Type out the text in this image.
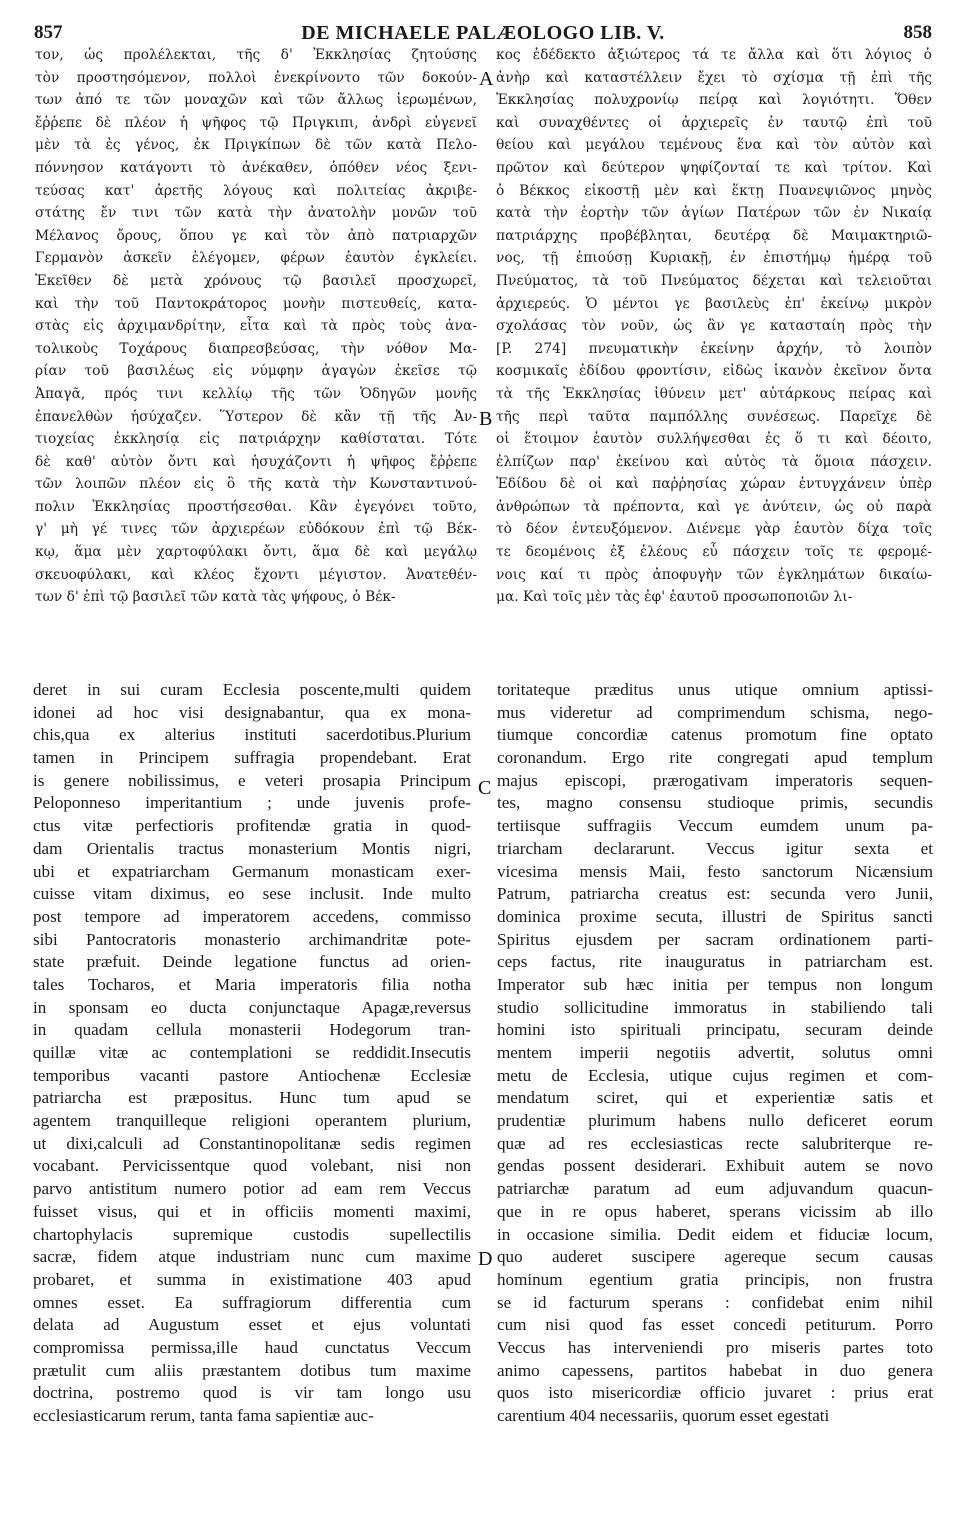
857	DE MICHAELE PALÆOLOGO LIB. V.	858
τον, ὡς προλέλεκται, τῆς δ' Ἐκκλησίας ζητούσης
τὸν προστησόμενον, πολλοὶ ἐνεκρίνοντο τῶν δοκούν-
των ἀπό τε τῶν μοναχῶν καὶ τῶν ἄλλως ἱερωμένων,
ἔῤῥεπε δὲ πλέον ἡ ψῆφος τῷ Πριγκιπι, ἀνδρὶ εὐγενεῖ
μὲν τὰ ἐς γένος, ἐκ Πριγκίπων δὲ τῶν κατὰ Πελο-
πόννησον κατάγοντι τὸ ἀνέκαθεν, ὁπόθεν νέος ξενι-
τεύσας κατ' ἀρετῆς λόγους καὶ πολιτείας ἀκριβε-
στάτης ἔν τινι τῶν κατὰ τὴν ἀνατολὴν μονῶν τοῦ
Μέλανος ὄρους, ὅπου γε καὶ τὸν ἀπὸ πατριαρχῶν
Γερμανὸν ἀσκεῖν ἐλέγομεν, φέρων ἑαυτὸν ἐγκλείει.
Ἐκεῖθεν δὲ μετὰ χρόνους τῷ βασιλεῖ προσχωρεῖ,
καὶ τὴν τοῦ Παντοκράτορος μονὴν πιστευθείς, κατα-
στὰς εἰς ἀρχιμανδρίτην, εἶτα καὶ τὰ πρὸς τοὺς ἀνα-
τολικοὺς Τοχάρους διαπρεσβεύσας, τὴν νόθον Μα-
ρίαν τοῦ βασιλέως εἰς νύμφην ἀγαγὼν ἐκεῖσε τῷ
Ἀπαγᾶ, πρός τινι κελλίῳ τῆς τῶν Ὁδηγῶν μονῆς
ἐπανελθὼν ἡσύχαζεν. Ὕστερον δὲ κἂν τῇ τῆς Ἀν-
τιοχείας ἐκκλησίᾳ εἰς πατριάρχην καθίσταται. Τότε
δὲ καθ' αὑτὸν ὄντι καὶ ἡσυχάζοντι ἡ ψῆφος ἔῤῥεπε
τῶν λοιπῶν πλέον εἰς ὃ τῆς κατὰ τὴν Κωνσταντινού-
πολιν Ἐκκλησίας προστήσεσθαι. Κἂν ἐγεγόνει τοῦτο,
γ' μὴ γέ τινες τῶν ἀρχιερέων εὐδόκουν ἐπὶ τῷ Βέκ-
κῳ, ἅμα μὲν χαρτοφύλακι ὄντι, ἅμα δὲ καὶ μεγάλῳ
σκευοφύλακι, καὶ κλέος ἔχοντι μέγιστον. Ἀνατεθέν-
των δ' ἐπὶ τῷ βασιλεῖ τῶν κατὰ τὰς ψήφους, ὁ Βέκ-
κος ἐδέδεκτο ἀξιώτερος τά τε ἄλλα καὶ ὅτι λόγιος ὁ
ἀνὴρ καὶ καταστέλλειν ἔχει τὸ σχίσμα τῇ ἐπὶ τῆς
Ἐκκλησίας πολυχρονίῳ πείρᾳ καὶ λογιότητι. Ὅθεν
καὶ συναχθέντες οἱ ἀρχιερεῖς ἐν ταυτῷ ἐπὶ τοῦ
θείου καὶ μεγάλου τεμένους ἕνα καὶ τὸν αὐτὸν καὶ
πρῶτον καὶ δεύτερον ψηφίζονταί τε καὶ τρίτον. Καὶ
ὁ Βέκκος εἰκοστῇ μὲν καὶ ἕκτῃ Πυανεψιῶνος μηνὸς
κατὰ τὴν ἑορτὴν τῶν ἁγίων Πατέρων τῶν ἐν Νικαίᾳ
πατριάρχης προβέβληται, δευτέρᾳ δὲ Μαιμακτηριῶ-
νος, τῇ ἐπιούσῃ Κυριακῇ, ἐν ἐπιστήμῳ ἡμέρᾳ τοῦ
Πνεύματος, τὰ τοῦ Πνεύματος δέχεται καὶ τελειοῦται
ἀρχιερεύς. Ὁ μέντοι γε βασιλεὺς ἐπ' ἐκείνῳ μικρὸν
σχολάσας τὸν νοῦν, ὡς ἂν γε κατασταίη πρὸς τὴν
[P. 274] πνευματικὴν ἐκείνην ἀρχήν, τὸ λοιπὸν
κοσμικαῖς ἐδίδου φροντίσιν, εἰδὼς ἱκανὸν ἐκεῖνον ὄντα
τὰ τῆς Ἐκκλησίας ἰθύνειν μετ' αὐτάρκους πείρας καὶ
τῆς περὶ ταῦτα παμπόλλης συνέσεως. Παρεῖχε δὲ
οἱ ἕτοιμον ἑαυτὸν συλλήψεσθαι ἐς ὅ τι καὶ δέοιτο,
ἐλπίζων παρ' ἐκείνου καὶ αὐτὸς τὰ ὅμοια πάσχειν.
Ἐδίδου δὲ οἱ καὶ παῤῥησίας χώραν ἐντυγχάνειν ὑπὲρ
ἀνθρώπων τὰ πρέποντα, καὶ γε ἀνύτειν, ὡς οὐ παρὰ
τὸ δέον ἐντευξόμενον. Διένεμε γὰρ ἑαυτὸν δίχα τοῖς
τε δεομένοις ἐξ ἐλέους εὖ πάσχειν τοῖς τε φερομέ-
νοις καί τι πρὸς ἀποφυγὴν τῶν ἐγκλημάτων δικαίω-
μα. Καὶ τοῖς μὲν τὰς ἐφ' ἑαυτοῦ προσωποποιῶν λι-
deret in sui curam Ecclesia poscente,multi quidem
idonei ad hoc visi designabantur, qua ex mona-
chis,qua ex alterius instituti sacerdotibus.Plurium
tamen in Principem suffragia propendebant. Erat
is genere nobilissimus, e veteri prosapia Principum
Peloponneso imperitantium ; unde juvenis profe-
ctus vitæ perfectioris profitendæ gratia in quod-
dam Orientalis tractus monasterium Montis nigri,
ubi et expatriarcham Germanum monasticam exer-
cuisse vitam diximus, eo sese inclusit. Inde multo
post tempore ad imperatorem accedens, commisso
sibi Pantocratoris monasterio archimandritæ pote-
state præfuit. Deinde legatione functus ad orien-
tales Tocharos, et Maria imperatoris filia notha
in sponsam eo ducta conjunctaque Apagæ,reversus
in quadam cellula monasterii Hodegorum tran-
quillæ vitæ ac contemplationi se reddidit.Insecutis
temporibus vacanti pastore Antiochenæ Ecclesiæ
patriarcha est præpositus. Hunc tum apud se
agentem tranquilleque religioni operantem plurium,
ut dixi,calculi ad Constantinopolitanæ sedis regimen
vocabant. Pervicissentque quod volebant, nisi non
parvo antistitum numero potior ad eam rem Veccus
fuisset visus, qui et in officiis momenti maximi,
chartophylacis supremique custodis supellectilis
sacræ, fidem atque industriam nunc cum maxime
probaret, et summa in existimatione 403 apud
omnes esset. Ea suffragiorum differentia cum
delata ad Augustum esset et ejus voluntati
compromissa permissa,ille haud cunctatus Veccum
prætulit cum aliis præstantem dotibus tum maxime
doctrina, postremo quod is vir tam longo usu
ecclesiasticarum rerum, tanta fama sapientiæ auc-
toritateque præditus unus utique omnium aptissi-
mus videretur ad comprimendum schisma, nego-
tiumque concordiæ catenus promotum fine optato
coronandum. Ergo rite congregati apud templum
majus episcopi, prærogativam imperatoris sequen-
tes, magno consensu studioque primis, secundis
tertiisque suffragiis Veccum eumdem unum pa-
triarcham declararunt. Veccus igitur sexta et
vicesima mensis Maii, festo sanctorum Nicænsium
Patrum, patriarcha creatus est: secunda vero Junii,
dominica proxime secuta, illustri de Spiritus sancti
Spiritus ejusdem per sacram ordinationem parti-
ceps factus, rite inauguratus in patriarcham est.
Imperator sub hæc initia per tempus non longum
studio sollicitudine immoratus in stabiliendo tali
homini isto spirituali principatu, securam deinde
mentem imperii negotiis advertit, solutus omni
metu de Ecclesia, utique cujus regimen et com-
mendatum sciret, qui et experientiæ satis et
prudentiæ plurimum habens nullo deficeret eorum
quæ ad res ecclesiasticas recte salubriterque re-
gendas possent desiderari. Exhibuit autem se novo
patriarchæ paratum ad eum adjuvandum quacun-
que in re opus haberet, sperans vicissim ab illo
in occasione similia. Dedit eidem et fiduciæ locum,
quo auderet suscipere agereque secum causas
hominum egentium gratia principis, non frustra
se id facturum sperans : confidebat enim nihil
cum nisi quod fas esset concedi petiturum. Porro
Veccus has interveniendi pro miseris partes toto
animo capessens, partitos habebat in duo genera
quos isto misericordiæ officio juvaret : prius erat
carentium 404 necessariis, quorum esset egestati
A
B
C
D
